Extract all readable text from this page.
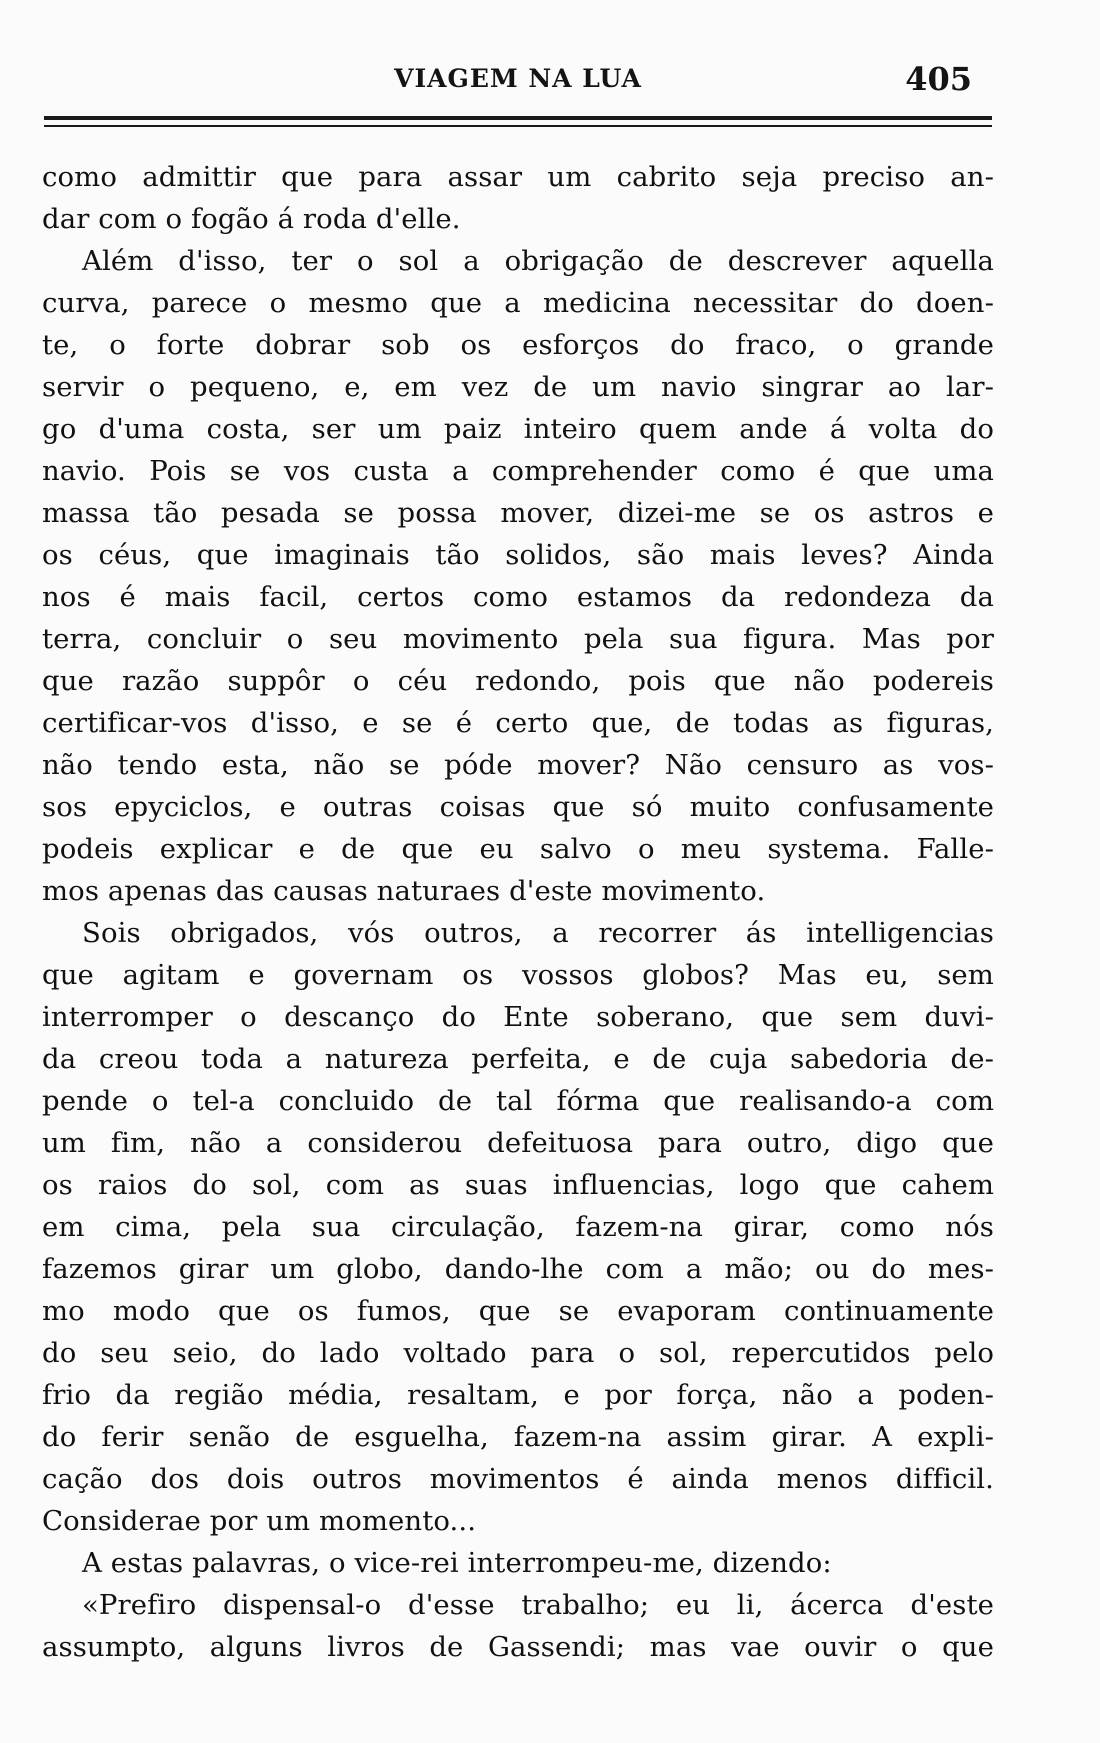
VIAGEM NA LUA	405
como admittir que para assar um cabrito seja preciso an-
dar com o fogão á roda d'elle.
Além d'isso, ter o sol a obrigação de descrever aquella
curva, parece o mesmo que a medicina necessitar do doen-
te, o forte dobrar sob os esforços do fraco, o grande
servir o pequeno, e, em vez de um navio singrar ao lar-
go d'uma costa, ser um paiz inteiro quem ande á volta do
navio. Pois se vos custa a comprehender como é que uma
massa tão pesada se possa mover, dizei-me se os astros e
os céus, que imaginais tão solidos, são mais leves? Ainda
nos é mais facil, certos como estamos da redondeza da
terra, concluir o seu movimento pela sua figura. Mas por
que razão suppôr o céu redondo, pois que não podereis
certificar-vos d'isso, e se é certo que, de todas as figuras,
não tendo esta, não se póde mover? Não censuro as vos-
sos epyciclos, e outras coisas que só muito confusamente
podeis explicar e de que eu salvo o meu systema. Falle-
mos apenas das causas naturaes d'este movimento.
Sois obrigados, vós outros, a recorrer ás intelligencias
que agitam e governam os vossos globos? Mas eu, sem
interromper o descanço do Ente soberano, que sem duvi-
da creou toda a natureza perfeita, e de cuja sabedoria de-
pende o tel-a concluido de tal fórma que realisando-a com
um fim, não a considerou defeituosa para outro, digo que
os raios do sol, com as suas influencias, logo que cahem
em cima, pela sua circulação, fazem-na girar, como nós
fazemos girar um globo, dando-lhe com a mão; ou do mes-
mo modo que os fumos, que se evaporam continuamente
do seu seio, do lado voltado para o sol, repercutidos pelo
frio da região média, resaltam, e por força, não a poden-
do ferir senão de esguelha, fazem-na assim girar. A expli-
cação dos dois outros movimentos é ainda menos difficil.
Considerae por um momento...
A estas palavras, o vice-rei interrompeu-me, dizendo:
«Prefiro dispensal-o d'esse trabalho; eu li, ácerca d'este
assumpto, alguns livros de Gassendi; mas vae ouvir o que
